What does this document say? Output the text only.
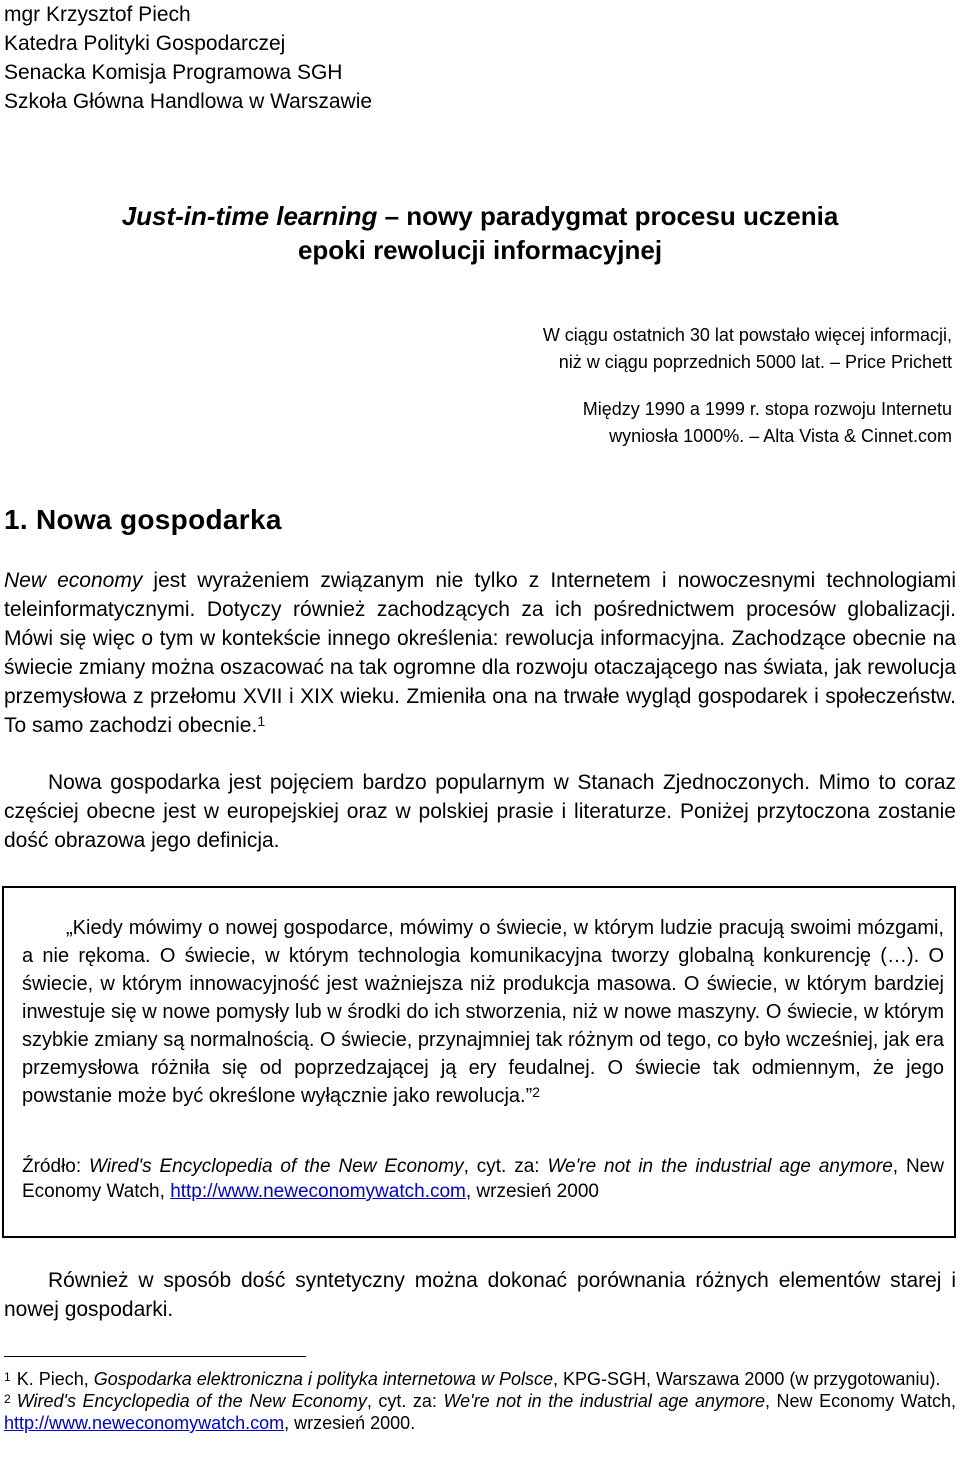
mgr Krzysztof Piech
Katedra Polityki Gospodarczej
Senacka Komisja Programowa SGH
Szkoła Główna Handlowa w Warszawie
Just-in-time learning – nowy paradygmat procesu uczenia
epoki rewolucji informacyjnej
W ciągu ostatnich 30 lat powstało więcej informacji,
niż w ciągu poprzednich 5000 lat. – Price Prichett
Między 1990 a 1999 r. stopa rozwoju Internetu
wyniosła 1000%. – Alta Vista & Cinnet.com
1. Nowa gospodarka
New economy jest wyrażeniem związanym nie tylko z Internetem i nowoczesnymi technologiami teleinformatycznymi. Dotyczy również zachodzących za ich pośrednictwem procesów globalizacji. Mówi się więc o tym w kontekście innego określenia: rewolucja informacyjna. Zachodzące obecnie na świecie zmiany można oszacować na tak ogromne dla rozwoju otaczającego nas świata, jak rewolucja przemysłowa z przełomu XVII i XIX wieku. Zmieniła ona na trwałe wygląd gospodarek i społeczeństw. To samo zachodzi obecnie.$^1$
Nowa gospodarka jest pojęciem bardzo popularnym w Stanach Zjednoczonych. Mimo to coraz częściej obecne jest w europejskiej oraz w polskiej prasie i literaturze. Poniżej przytoczona zostanie dość obrazowa jego definicja.
„Kiedy mówimy o nowej gospodarce, mówimy o świecie, w którym ludzie pracują swoimi mózgami, a nie rękoma. O świecie, w którym technologia komunikacyjna tworzy globalną konkurencję (…). O świecie, w którym innowacyjność jest ważniejsza niż produkcja masowa. O świecie, w którym bardziej inwestuje się w nowe pomysły lub w środki do ich stworzenia, niż w nowe maszyny. O świecie, w którym szybkie zmiany są normalnością. O świecie, przynajmniej tak różnym od tego, co było wcześniej, jak era przemysłowa różniła się od poprzedzającej ją ery feudalnej. O świecie tak odmiennym, że jego powstanie może być określone wyłącznie jako rewolucja.”$^2$
Źródło: Wired's Encyclopedia of the New Economy, cyt. za: We're not in the industrial age anymore, New Economy Watch, http://www.neweconomywatch.com, wrzesień 2000
Również w sposób dość syntetyczny można dokonać porównania różnych elementów starej i nowej gospodarki.
$^1$ K. Piech, Gospodarka elektroniczna i polityka internetowa w Polsce, KPG-SGH, Warszawa 2000 (w przygotowaniu).
$^2$ Wired's Encyclopedia of the New Economy, cyt. za: We're not in the industrial age anymore, New Economy Watch, http://www.neweconomywatch.com, wrzesień 2000.
